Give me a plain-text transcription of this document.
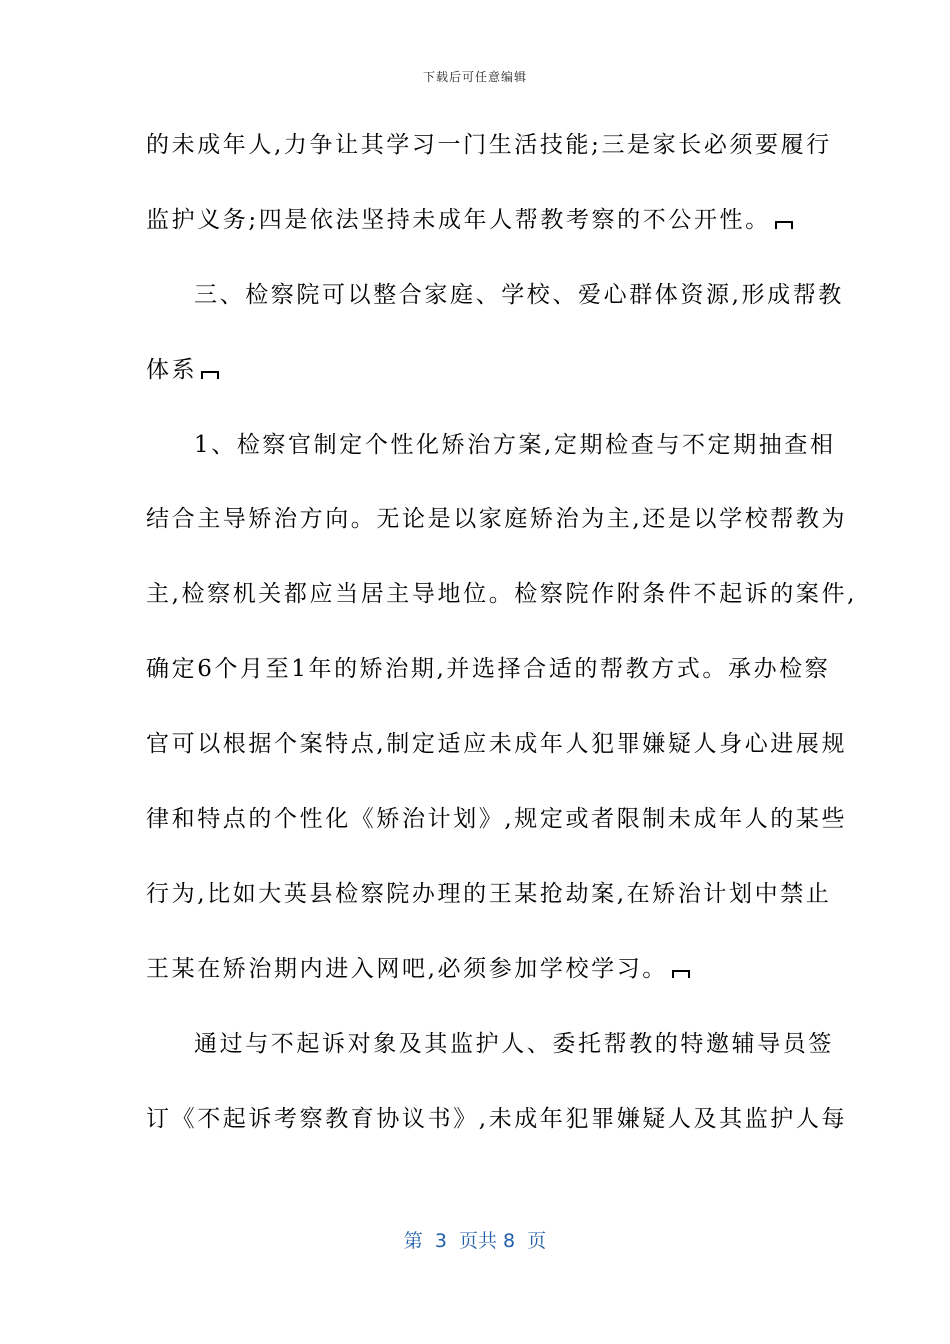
下载后可任意编辑
的未成年人,力争让其学习一门生活技能;三是家长必须要履行
监护义务;四是依法坚持未成年人帮教考察的不公开性。
三、检察院可以整合家庭、学校、爱心群体资源,形成帮教
体系
1、检察官制定个性化矫治方案,定期检查与不定期抽查相
结合主导矫治方向。无论是以家庭矫治为主,还是以学校帮教为
主,检察机关都应当居主导地位。检察院作附条件不起诉的案件,
确定6个月至1年的矫治期,并选择合适的帮教方式。承办检察
官可以根据个案特点,制定适应未成年人犯罪嫌疑人身心进展规
律和特点的个性化《矫治计划》,规定或者限制未成年人的某些
行为,比如大英县检察院办理的王某抢劫案,在矫治计划中禁止
王某在矫治期内进入网吧,必须参加学校学习。
通过与不起诉对象及其监护人、委托帮教的特邀辅导员签
订《不起诉考察教育协议书》,未成年犯罪嫌疑人及其监护人每
第  3  页共 8  页
